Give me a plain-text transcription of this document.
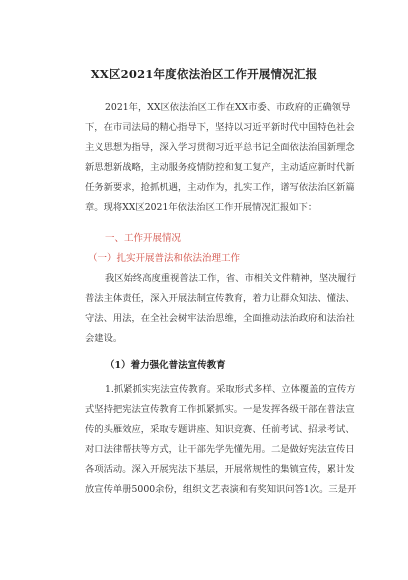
XX区2021年度依法治区工作开展情况汇报
2021年，XX区依法治区工作在XX市委、市政府的正确领导
下，在市司法局的精心指导下，坚持以习近平新时代中国特色社会
主义思想为指导，深入学习贯彻习近平总书记全面依法治国新理念
新思想新战略，主动服务疫情防控和复工复产，主动适应新时代新
任务新要求，抢抓机遇，主动作为，扎实工作，谱写依法治区新篇
章。现将XX区2021年依法治区工作开展情况汇报如下：
一、工作开展情况
（一）扎实开展普法和依法治理工作
我区始终高度重视普法工作，省、市相关文件精神，坚决履行
普法主体责任，深入开展法制宣传教育，着力让群众知法、懂法、
守法、用法，在全社会树牢法治思维，全面推动法治政府和法治社
会建设。
（1）着力强化普法宣传教育
1.抓紧抓实宪法宣传教育。采取形式多样、立体覆盖的宣传方
式坚持把宪法宣传教育工作抓紧抓实。一是发挥各级干部在普法宣
传的头雁效应，采取专题讲座、知识竞赛、任前考试、招录考试、
对口法律帮扶等方式，让干部先学先懂先用。二是做好宪法宣传日
各项活动。深入开展宪法下基层，开展常规性的集镇宣传，累计发
放宣传单册5000余份，组织文艺表演和有奖知识问答1次。三是开
